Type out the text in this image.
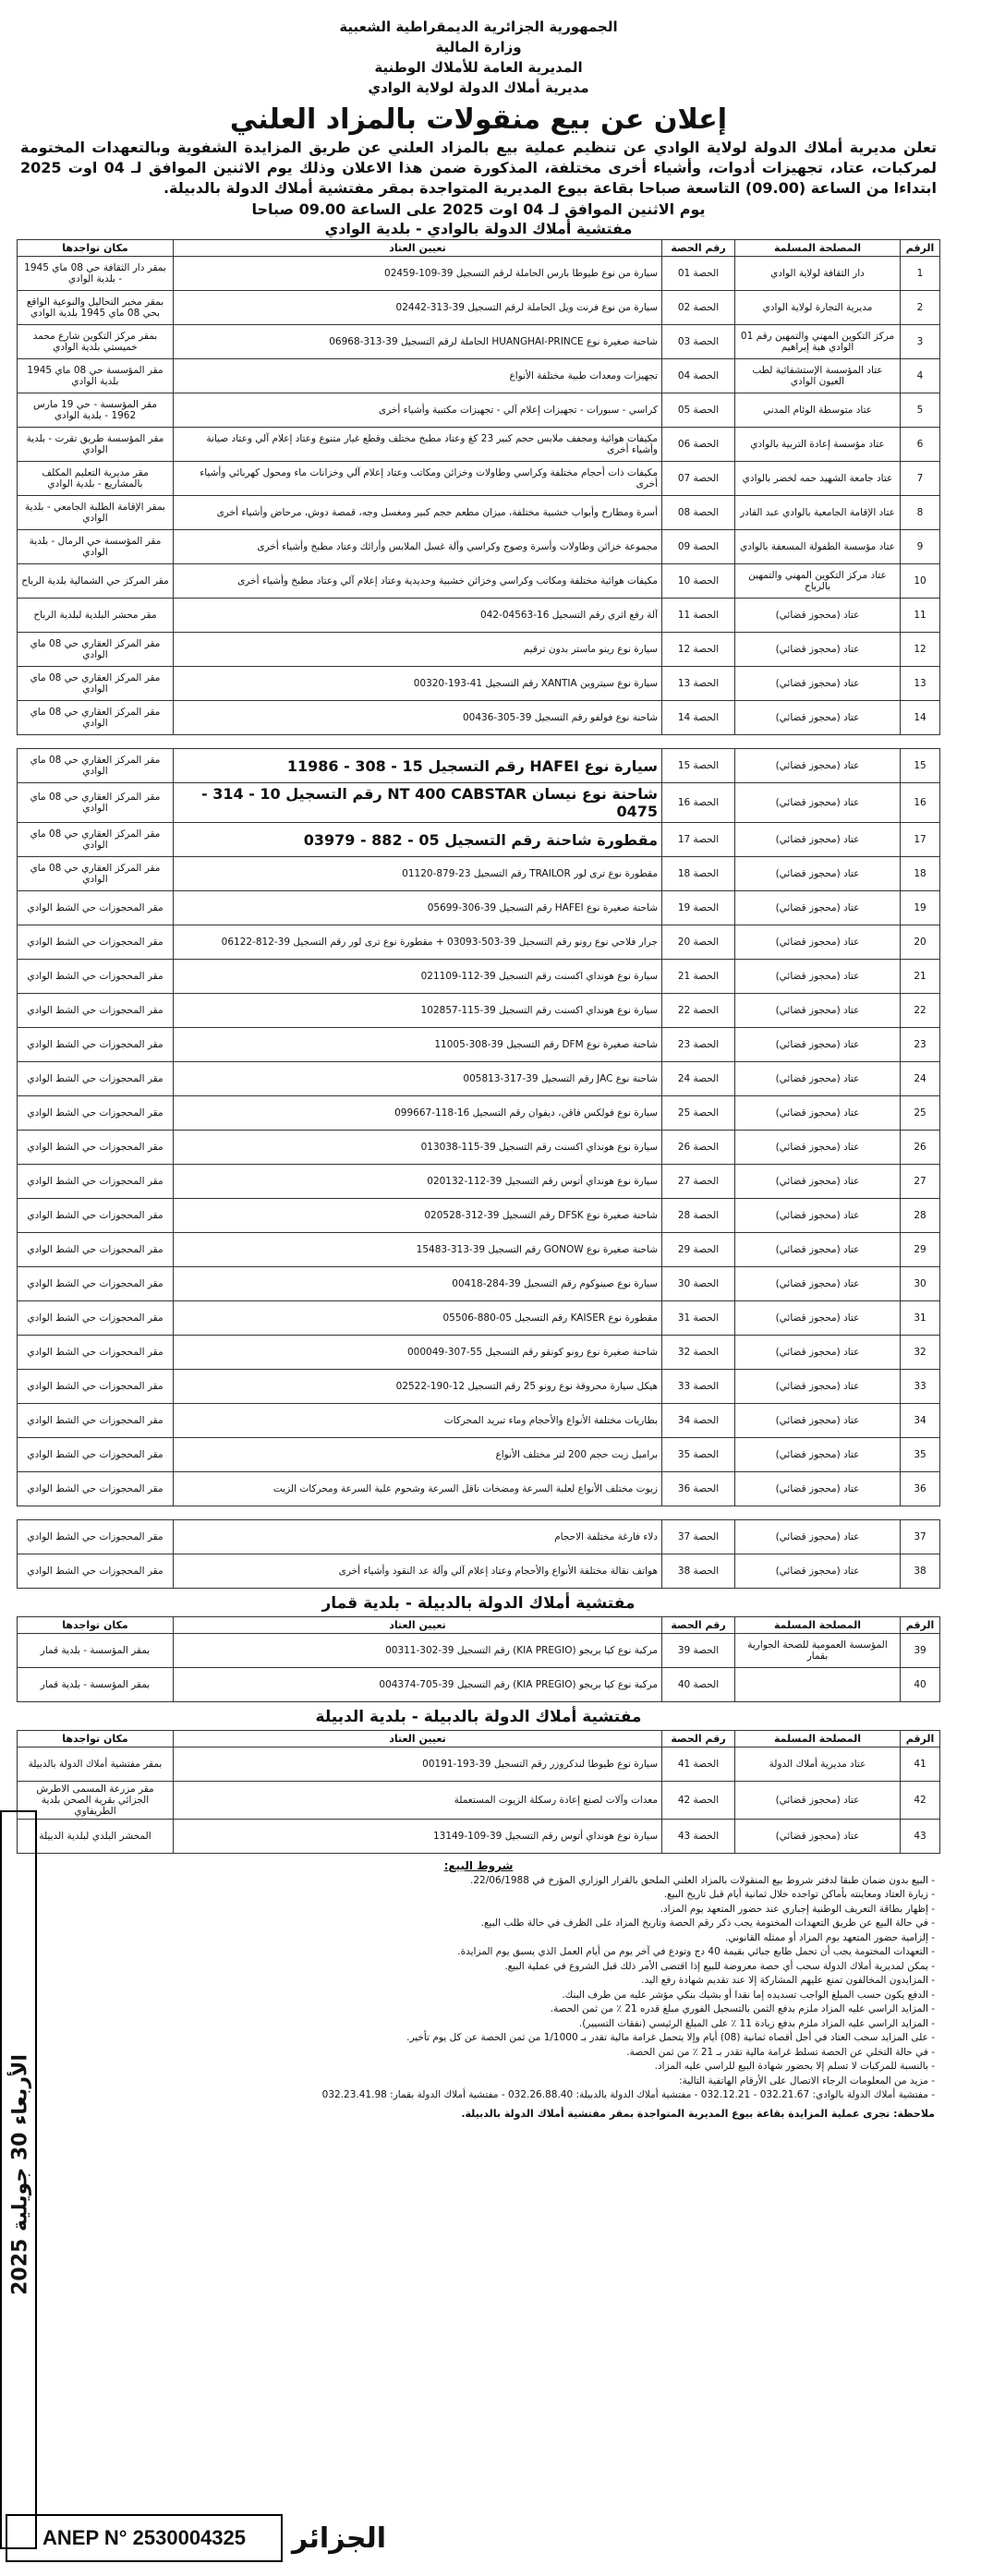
الجمهورية الجزائرية الديمقراطية الشعبية
وزارة المالية
المديرية العامة للأملاك الوطنية
مديرية أملاك الدولة لولاية الوادي
إعلان عن بيع منقولات بالمزاد العلني
تعلن مديرية أملاك الدولة لولاية الوادي عن تنظيم عملية بيع بالمزاد العلني عن طريق المزايدة الشفوية وبالتعهدات المختومة لمركبات، عتاد، تجهيزات أدوات، وأشياء أخرى مختلفة، المذكورة ضمن هذا الاعلان وذلك يوم الاثنين الموافق لـ 04 اوت 2025 ابتداءا من الساعة (09.00) التاسعة صباحا بقاعة بيوع المديرية المتواجدة بمقر مفتشية أملاك الدولة بالدبيلة.
يوم الاثنين الموافق لـ 04 اوت 2025 على الساعة 09.00 صباحا
مفتشية أملاك الدولة بالوادي - بلدية الوادي
الرقم	المصلحة المسلمة	رقم الحصة	تعيين العتاد	مكان تواجدها
1	دار الثقافة لولاية الوادي	الحصة 01	سيارة من نوع طيوطا بارس الحاملة لرقم التسجيل 39-109-02459	بمقر دار الثقافة حي 08 ماي 1945 - بلدية الوادي
2	مديرية التجارة لولاية الوادي	الحصة 02	سيارة من نوع فرنت ويل الحاملة لرقم التسجيل 39-313-02442	بمقر مخبر التحاليل والنوعية الواقع بحي 08 ماي 1945 بلدية الوادي
3	مركز التكوين المهني والتمهين رقم 01 الوادي هبة إبراهيم	الحصة 03	شاحنة صغيرة نوع HUANGHAI-PRINCE الحاملة لرقم التسجيل 39-313-06968	بمقر مركز التكوين شارع محمد خميستي بلدية الوادي
4	عتاد المؤسسة الإستشفائية لطب العيون الوادي	الحصة 04	تجهيزات ومعدات طبية مختلفة الأنواع	مقر المؤسسة حي 08 ماي 1945 بلدية الوادي
5	عتاد متوسطة الوئام المدني	الحصة 05	كراسي - سبورات - تجهيزات إعلام آلي - تجهيزات مكتبية وأشياء أخرى	مقر المؤسسة - حي 19 مارس 1962 - بلدية الوادي
6	عتاد مؤسسة إعادة التربية بالوادي	الحصة 06	مكيفات هوائية ومجفف ملابس حجم كبير 23 كغ وعتاد مطبخ مختلف وقطع غيار متنوع وعتاد إعلام آلي وعتاد صيانة وأشياء أخرى	مقر المؤسسة طريق تقرت - بلدية الوادي
7	عتاد جامعة الشهيد حمه لخضر بالوادي	الحصة 07	مكيفات ذات أحجام مختلفة وكراسي وطاولات وخزائن ومكاتب وعتاد إعلام آلي وخزانات ماء ومحول كهربائي وأشياء أخرى	مقر مديرية التعليم المكلف بالمشاريع - بلدية الوادي
8	عتاد الإقامة الجامعية بالوادي عبد القادر	الحصة 08	أسرة ومطارح وأبواب خشبية مختلفة، ميزان مطعم حجم كبير ومغسل وجه، قمصة دوش، مرحاض وأشياء أخرى	بمقر الإقامة الطلبة الجامعي - بلدية الوادي
9	عتاد مؤسسة الطفولة المسعفة بالوادي	الحصة 09	مجموعة خزائن وطاولات وأسرة وصوج وكراسي وآلة غسل الملابس وأرائك وعتاد مطبخ وأشياء أخرى	مقر المؤسسة حي الرمال - بلدية الوادي
10	عتاد مركز التكوين المهني والتمهين بالرباح	الحصة 10	مكيفات هوائية مختلفة ومكاتب وكراسي وخزائن خشبية وحديدية وعتاد إعلام آلي وعتاد مطبخ وأشياء أخرى	مقر المركز حي الشمالية بلدية الرباح
11	عتاد (محجوز قضائي)	الحصة 11	آلة رفع اثري رقم التسجيل 16-04563-042	مقر محشر البلدية لبلدية الرباح
12	عتاد (محجوز قضائي)	الحصة 12	سيارة نوع رينو ماستر بدون ترقيم	مقر المركز العقاري حي 08 ماي الوادي
13	عتاد (محجوز قضائي)	الحصة 13	سيارة نوع سيتروين XANTIA رقم التسجيل 41-193-00320	مقر المركز العقاري حي 08 ماي الوادي
14	عتاد (محجوز قضائي)	الحصة 14	شاحنة نوع فولفو رقم التسجيل 39-305-00436	مقر المركز العقاري حي 08 ماي الوادي
15	عتاد (محجوز قضائي)	الحصة 15	سيارة نوع HAFEI رقم التسجيل 15 - 308 - 11986	مقر المركز العقاري حي 08 ماي الوادي
16	عتاد (محجوز قضائي)	الحصة 16	شاحنة نوع نيسان NT 400 CABSTAR رقم التسجيل 10 - 314 - 0475	مقر المركز العقاري حي 08 ماي الوادي
17	عتاد (محجوز قضائي)	الحصة 17	مقطورة شاحنة رقم التسجيل 05 - 882 - 03979	مقر المركز العقاري حي 08 ماي الوادي
18	عتاد (محجوز قضائي)	الحصة 18	مقطورة نوع ترى لور TRAILOR رقم التسجيل 23-879-01120	مقر المركز العقاري حي 08 ماي الوادي
19	عتاد (محجوز قضائي)	الحصة 19	شاحنة صغيرة نوع HAFEI رقم التسجيل 39-306-05699	مقر المحجوزات حي الشط الوادي
20	عتاد (محجوز قضائي)	الحصة 20	جرار فلاحي نوع رونو رقم التسجيل 39-503-03093 + مقطورة نوع ترى لور رقم التسجيل 39-812-06122	مقر المحجوزات حي الشط الوادي
21	عتاد (محجوز قضائي)	الحصة 21	سيارة نوع هونداي اكسنت رقم التسجيل 39-112-021109	مقر المحجوزات حي الشط الوادي
22	عتاد (محجوز قضائي)	الحصة 22	سيارة نوع هونداي اكسنت رقم التسجيل 39-115-102857	مقر المحجوزات حي الشط الوادي
23	عتاد (محجوز قضائي)	الحصة 23	شاحنة صغيرة نوع DFM رقم التسجيل 39-308-11005	مقر المحجوزات حي الشط الوادي
24	عتاد (محجوز قضائي)	الحصة 24	شاحنة نوع JAC رقم التسجيل 39-317-005813	مقر المحجوزات حي الشط الوادي
25	عتاد (محجوز قضائي)	الحصة 25	سيارة نوع فولكس فاقن، ديفوان رقم التسجيل 16-118-099667	مقر المحجوزات حي الشط الوادي
26	عتاد (محجوز قضائي)	الحصة 26	سيارة نوع هونداي اكسنت رقم التسجيل 39-115-013038	مقر المحجوزات حي الشط الوادي
27	عتاد (محجوز قضائي)	الحصة 27	سيارة نوع هونداي أتوس رقم التسجيل 39-112-020132	مقر المحجوزات حي الشط الوادي
28	عتاد (محجوز قضائي)	الحصة 28	شاحنة صغيرة نوع DFSK رقم التسجيل 39-312-020528	مقر المحجوزات حي الشط الوادي
29	عتاد (محجوز قضائي)	الحصة 29	شاحنة صغيرة نوع GONOW رقم التسجيل 39-313-15483	مقر المحجوزات حي الشط الوادي
30	عتاد (محجوز قضائي)	الحصة 30	سيارة نوع صينوكوم رقم التسجيل 39-284-00418	مقر المحجوزات حي الشط الوادي
31	عتاد (محجوز قضائي)	الحصة 31	مقطورة نوع KAISER رقم التسجيل 05-880-05506	مقر المحجوزات حي الشط الوادي
32	عتاد (محجوز قضائي)	الحصة 32	شاحنة صغيرة نوع رونو كونقو رقم التسجيل 55-307-000049	مقر المحجوزات حي الشط الوادي
33	عتاد (محجوز قضائي)	الحصة 33	هيكل سيارة محروقة نوع رونو 25 رقم التسجيل 12-190-02522	مقر المحجوزات حي الشط الوادي
34	عتاد (محجوز قضائي)	الحصة 34	بطاريات مختلفة الأنواع والأحجام وماء تبريد المحركات	مقر المحجوزات حي الشط الوادي
35	عتاد (محجوز قضائي)	الحصة 35	براميل زيت حجم 200 لتر مختلف الأنواع	مقر المحجوزات حي الشط الوادي
36	عتاد (محجوز قضائي)	الحصة 36	زيوت مختلف الأنواع لعلبة السرعة ومضخات ناقل السرعة وشحوم علبة السرعة ومحركات الزيت	مقر المحجوزات حي الشط الوادي
37	عتاد (محجوز قضائي)	الحصة 37	دلاء فارغة مختلفة الاحجام	مقر المحجوزات حي الشط الوادي
38	عتاد (محجوز قضائي)	الحصة 38	هواتف نقالة مختلفة الأنواع والأحجام وعتاد إعلام آلي وآلة عد النقود وأشياء أخرى	مقر المحجوزات حي الشط الوادي
مفتشية أملاك الدولة بالدبيلة - بلدية قمار
الرقم	المصلحة المسلمة	رقم الحصة	تعيين العتاد	مكان تواجدها
39	المؤسسة العمومية للصحة الجوارية بقمار	الحصة 39	مركبة نوع كيا بريجو (KIA PREGIO) رقم التسجيل 39-302-00311	بمقر المؤسسة - بلدية قمار
40		الحصة 40	مركبة نوع كيا بريجو (KIA PREGIO) رقم التسجيل 39-705-004374	بمقر المؤسسة - بلدية قمار
مفتشية أملاك الدولة بالدبيلة - بلدية الدبيلة
الرقم	المصلحة المسلمة	رقم الحصة	تعيين العتاد	مكان تواجدها
41	عتاد مديرية أملاك الدولة	الحصة 41	سيارة نوع طيوطا لندكروزر رقم التسجيل 39-193-00191	بمقر مفتشية أملاك الدولة بالدبيلة
42	عتاد (محجوز قضائي)	الحصة 42	معدات وآلات لصنع إعادة رسكلة الزيوت المستعملة	مقر مزرعة المسمى الاطرش الجزائي بقرية الصحن بلدية الطريفاوي
43	عتاد (محجوز قضائي)	الحصة 43	سيارة نوع هونداي أتوس رقم التسجيل 39-109-13149	المحشر البلدي لبلدية الدبيلة
شروط البيع:
- البيع بدون ضمان طبقا لدفتر شروط بيع المنقولات بالمزاد العلني الملحق بالقرار الوزاري المؤرخ في 22/06/1988.
- زيارة العتاد ومعاينته بأماكن تواجده خلال ثمانية أيام قبل تاريخ البيع.
- إظهار بطاقة التعريف الوطنية إجباري عند حضور المتعهد يوم المزاد.
- في حالة البيع عن طريق التعهدات المختومة يجب ذكر رقم الحصة وتاريخ المزاد على الظرف في حالة طلب البيع.
- إلزامية حضور المتعهد يوم المزاد أو ممثله القانوني.
- التعهدات المختومة يجب أن تحمل طابع جبائي بقيمة 40 دج وتودع في آخر يوم من أيام العمل الذي يسبق يوم المزايدة.
- يمكن لمديرية أملاك الدولة سحب أي حصة معروضة للبيع إذا اقتضى الأمر ذلك قبل الشروع في عملية البيع.
- المزايدون المخالفون تمنع عليهم المشاركة إلا عند تقديم شهادة رفع اليد.
- الدفع يكون حسب المبلغ الواجب تسديده إما نقدا أو بشيك بنكي مؤشر عليه من طرف البنك.
- المزايد الراسي عليه المزاد ملزم بدفع الثمن بالتسجيل الفوري مبلغ قدره 21 ٪ من ثمن الحصة.
- المزايد الراسي عليه المزاد ملزم بدفع زيادة 11 ٪ على المبلغ الرئيسي (نفقات التسيير).
- على المزايد سحب العتاد في أجل أقصاه ثمانية (08) أيام وإلا يتحمل غرامة مالية تقدر بـ 1/1000 من ثمن الحصة عن كل يوم تأخير.
- في حالة التخلي عن الحصة تسلط غرامة مالية تقدر بـ 21 ٪ من ثمن الحصة.
- بالنسبة للمركبات لا تسلم إلا بحضور شهادة البيع للراسي عليه المزاد.
- مزيد من المعلومات الرجاء الاتصال على الأرقام الهاتفية التالية:
- مفتشية أملاك الدولة بالوادي: 032.21.67 - 032.12.21 - مفتشية أملاك الدولة بالدبيلة: 032.26.88.40 - مفتشية أملاك الدولة بقمار: 032.23.41.98
ملاحظة: تجرى عملية المزايدة بقاعة بيوع المديرية المتواجدة بمقر مفتشية أملاك الدولة بالدبيلة.
الأربعاء 30 جويلية 2025
ANEP N° 2530004325	الجزائر
